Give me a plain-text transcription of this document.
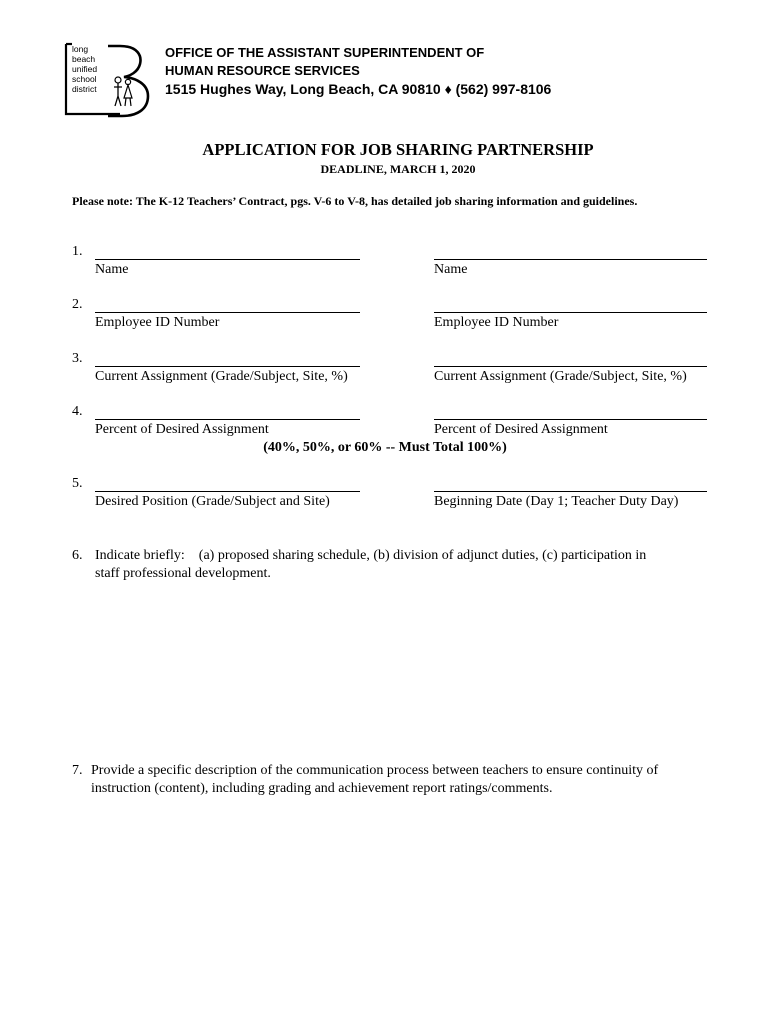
long
beach
unified
school
district
OFFICE OF THE ASSISTANT SUPERINTENDENT OF
HUMAN RESOURCE SERVICES
1515 Hughes Way, Long Beach, CA 90810 ♦ (562) 997-8106
APPLICATION FOR JOB SHARING PARTNERSHIP
DEADLINE, MARCH 1, 2020
Please note: The K-12 Teachers’ Contract, pgs. V-6 to V-8, has detailed job sharing information and guidelines.
1.
Name	Name
2.
Employee ID Number	Employee ID Number
3.
Current Assignment (Grade/Subject, Site, %)	Current Assignment (Grade/Subject, Site, %)
4.
Percent of Desired Assignment	Percent of Desired Assignment
(40%, 50%, or 60% -- Must Total 100%)
5.
Desired Position (Grade/Subject and Site)	Beginning Date (Day 1; Teacher Duty Day)
6. Indicate briefly:    (a) proposed sharing schedule, (b) division of adjunct duties, (c) participation in
staff professional development.
7. Provide a specific description of the communication process between teachers to ensure continuity of
instruction (content), including grading and achievement report ratings/comments.
